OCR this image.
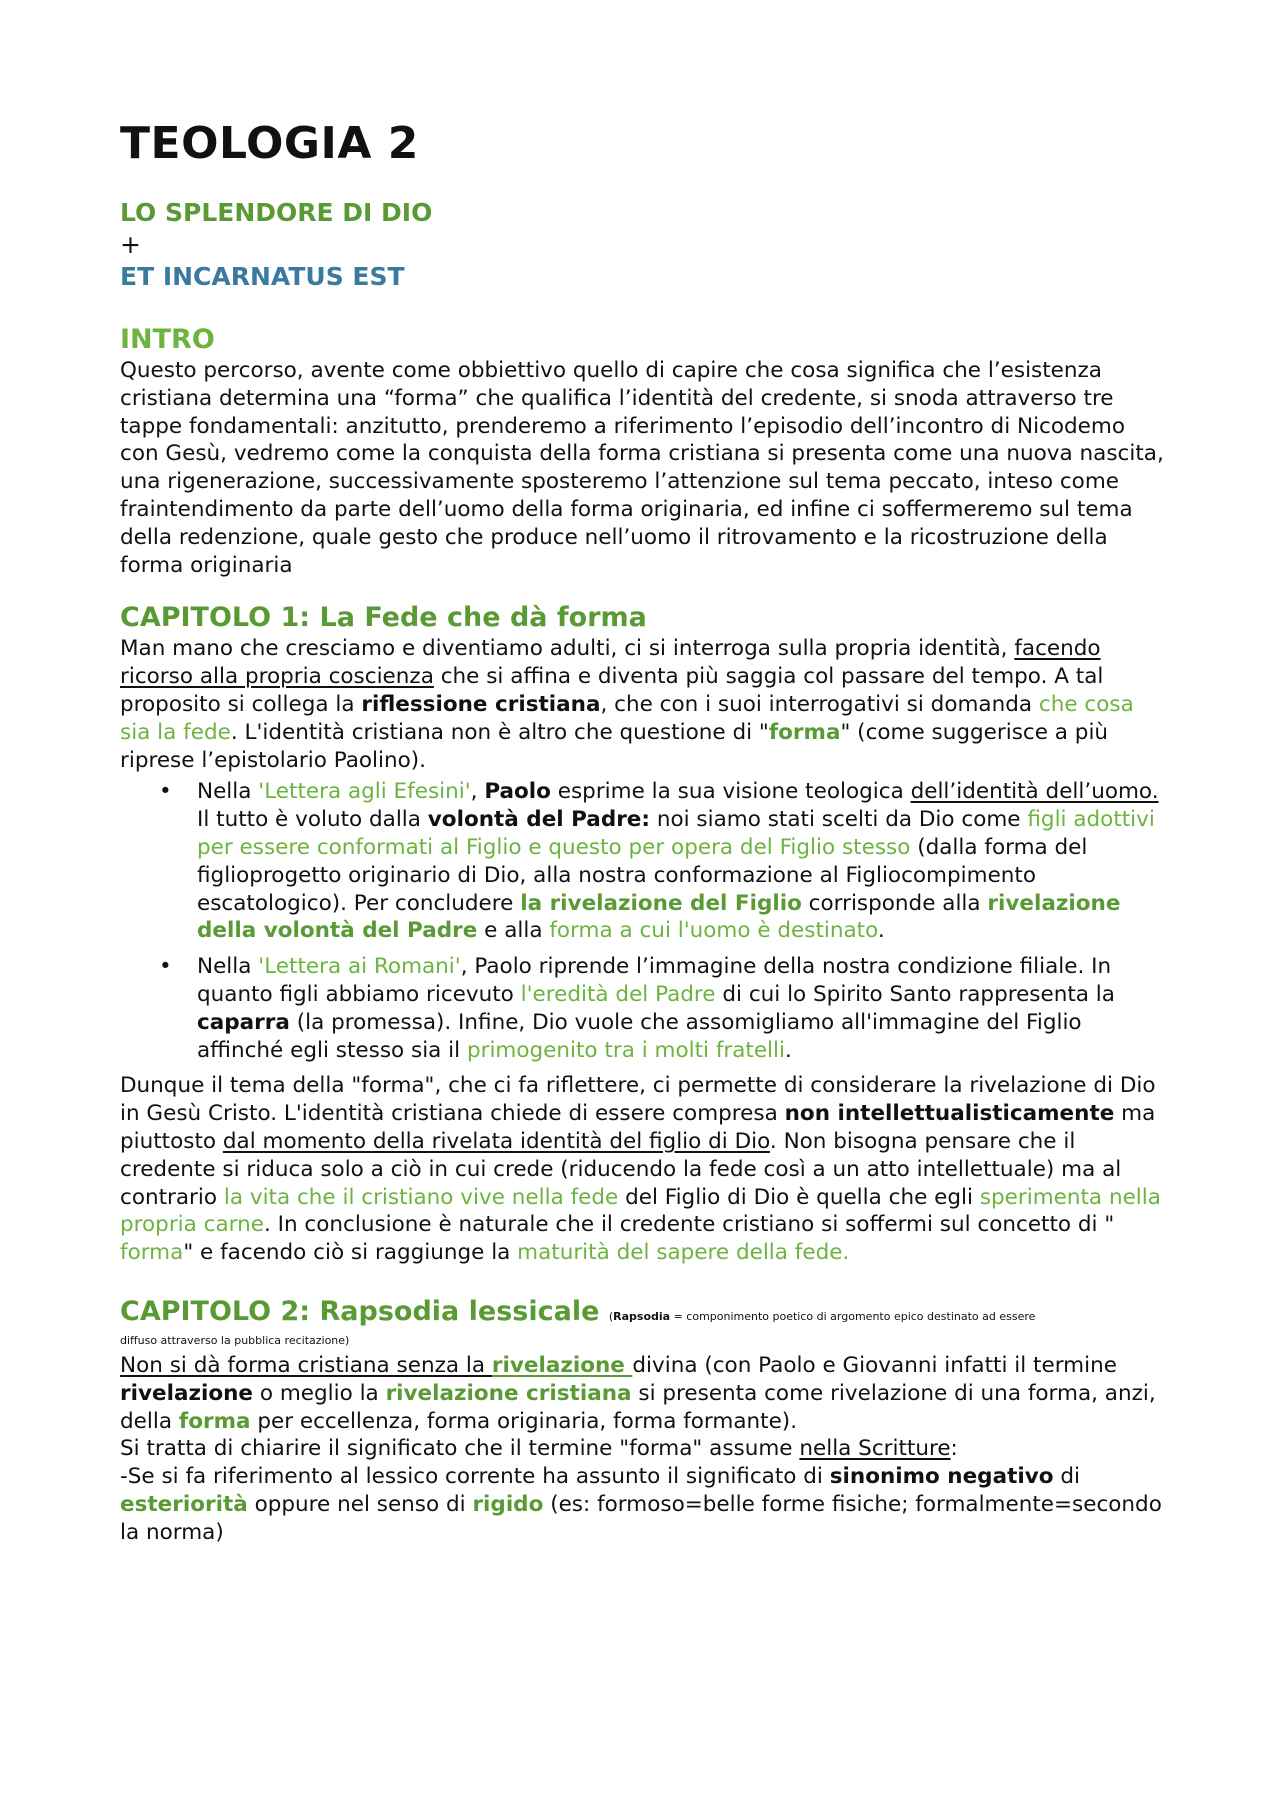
TEOLOGIA 2
LO SPLENDORE DI DIO
+
ET INCARNATUS EST
INTRO

Questo percorso, avente come obbiettivo quello di capire che cosa significa che l’esistenza cristiana determina una “forma” che qualifica l’identità del credente, si snoda attraverso tre tappe fondamentali: anzitutto, prenderemo a riferimento l’episodio dell’incontro di Nicodemo con Gesù, vedremo come la conquista della forma cristiana si presenta come una nuova nascita, una rigenerazione, successivamente sposteremo l’attenzione sul tema peccato, inteso come fraintendimento da parte dell’uomo della forma originaria, ed infine ci soffermeremo sul tema della redenzione, quale gesto che produce nell’uomo il ritrovamento e la ricostruzione della forma originaria

CAPITOLO 1: La Fede che dà forma

Man mano che cresciamo e diventiamo adulti, ci si interroga sulla propria identità, facendo ricorso alla propria coscienza che si affina e diventa più saggia col passare del tempo. A tal proposito si collega la riflessione cristiana, che con i suoi interrogativi si domanda che cosa sia la fede. L'identità cristiana non è altro che questione di "forma" (come suggerisce a più riprese l’epistolario Paolino).

• Nella 'Lettera agli Efesini', Paolo esprime la sua visione teologica dell’identità dell’uomo. Il tutto è voluto dalla volontà del Padre: noi siamo stati scelti da Dio come figli adottivi per essere conformati al Figlio e questo per opera del Figlio stesso (dalla forma del figlioprogetto originario di Dio, alla nostra conformazione al Figliocompimento escatologico). Per concludere la rivelazione del Figlio corrisponde alla rivelazione della volontà del Padre e alla forma a cui l'uomo è destinato.
• Nella 'Lettera ai Romani', Paolo riprende l’immagine della nostra condizione filiale. In quanto figli abbiamo ricevuto l'eredità del Padre di cui lo Spirito Santo rappresenta la caparra (la promessa). Infine, Dio vuole che assomigliamo all'immagine del Figlio affinché egli stesso sia il primogenito tra i molti fratelli.

Dunque il tema della "forma", che ci fa riflettere, ci permette di considerare la rivelazione di Dio in Gesù Cristo. L'identità cristiana chiede di essere compresa non intellettualisticamente ma piuttosto dal momento della rivelata identità del figlio di Dio. Non bisogna pensare che il credente si riduca solo a ciò in cui crede (riducendo la fede così a un atto intellettuale) ma al contrario la vita che il cristiano vive nella fede del Figlio di Dio è quella che egli sperimenta nella propria carne. In conclusione è naturale che il credente cristiano si soffermi sul concetto di " forma" e facendo ciò si raggiunge la maturità del sapere della fede.

CAPITOLO 2: Rapsodia lessicale (Rapsodia = componimento poetico di argomento epico destinato ad essere
diffuso attraverso la pubblica recitazione)

Non si dà forma cristiana senza la rivelazione divina (con Paolo e Giovanni infatti il termine rivelazione o meglio la rivelazione cristiana si presenta come rivelazione di una forma, anzi, della forma per eccellenza, forma originaria, forma formante).

Si tratta di chiarire il significato che il termine "forma" assume nella Scritture:

-Se si fa riferimento al lessico corrente ha assunto il significato di sinonimo negativo di esteriorità oppure nel senso di rigido (es: formoso=belle forme fisiche; formalmente=secondo la norma)
